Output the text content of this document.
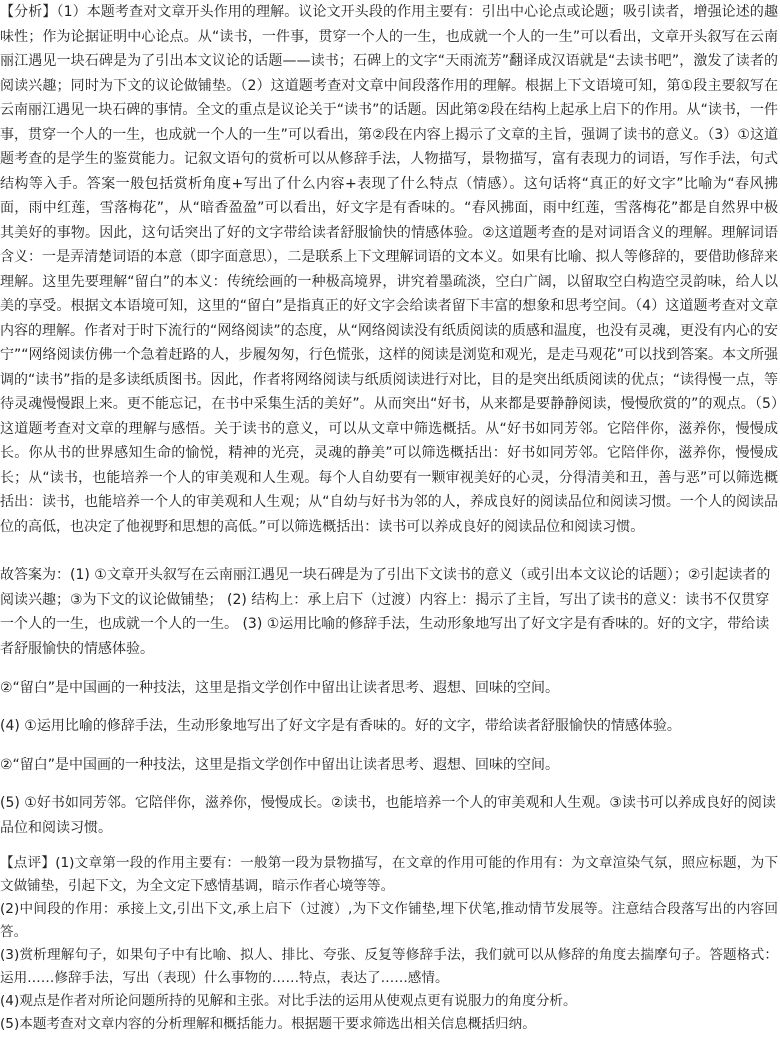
【分析】（1）本题考查对文章开头作用的理解。议论文开头段的作用主要有：引出中心论点或论题；吸引读者，增强论述的趣味性；作为论据证明中心论点。从“读书，一件事，贯穿一个人的一生，也成就一个人的一生”可以看出，文章开头叙写在云南丽江遇见一块石碑是为了引出本文议论的话题——读书；石碑上的文字“天雨流芳”翻译成汉语就是“去读书吧”，激发了读者的阅读兴趣；同时为下文的议论做铺垫。（2）这道题考查对文章中间段落作用的理解。根据上下文语境可知，第①段主要叙写在云南丽江遇见一块石碑的事情。全文的重点是议论关于“读书”的话题。因此第②段在结构上起承上启下的作用。从“读书，一件事，贯穿一个人的一生，也成就一个人的一生”可以看出，第②段在内容上揭示了文章的主旨，强调了读书的意义。（3）①这道题考查的是学生的鉴赏能力。记叙文语句的赏析可以从修辞手法，人物描写，景物描写，富有表现力的词语，写作手法，句式结构等入手。答案一般包括赏析角度+写出了什么内容+表现了什么特点（情感）。这句话将“真正的好文字”比喻为“春风拂面，雨中红莲，雪落梅花”，从“暗香盈盈”可以看出，好文字是有香味的。“春风拂面，雨中红莲，雪落梅花”都是自然界中极其美好的事物。因此，这句话突出了好的文字带给读者舒服愉快的情感体验。②这道题考查的是对词语含义的理解。理解词语含义：一是弄清楚词语的本意（即字面意思），二是联系上下文理解词语的文本义。如果有比喻、拟人等修辞的，要借助修辞来理解。这里先要理解“留白”的本义：传统绘画的一种极高境界，讲究着墨疏淡，空白广阔，以留取空白构造空灵韵味，给人以美的享受。根据文本语境可知，这里的“留白”是指真正的好文字会给读者留下丰富的想象和思考空间。（4）这道题考查对文章内容的理解。作者对于时下流行的“网络阅读”的态度，从“网络阅读没有纸质阅读的质感和温度，也没有灵魂，更没有内心的安宁”“网络阅读仿佛一个急着赶路的人，步履匆匆，行色慌张，这样的阅读是浏览和观光，是走马观花”可以找到答案。本文所强调的“读书”指的是多读纸质图书。因此，作者将网络阅读与纸质阅读进行对比，目的是突出纸质阅读的优点；“读得慢一点，等待灵魂慢慢跟上来。更不能忘记，在书中采集生活的美好”。从而突出“好书，从来都是要静静阅读，慢慢欣赏的”的观点。（5）这道题考查对文章的理解与感悟。关于读书的意义，可以从文章中筛选概括。从“好书如同芳邻。它陪伴你，滋养你，慢慢成长。你从书的世界感知生命的愉悦，精神的光亮，灵魂的静美”可以筛选概括出：好书如同芳邻。它陪伴你，滋养你，慢慢成长；从“读书，也能培养一个人的审美观和人生观。每个人自幼要有一颗审视美好的心灵，分得清美和丑，善与恶”可以筛选概括出：读书，也能培养一个人的审美观和人生观；从“自幼与好书为邻的人，养成良好的阅读品位和阅读习惯。一个人的阅读品位的高低，也决定了他视野和思想的高低。”可以筛选概括出：读书可以养成良好的阅读品位和阅读习惯。

故答案为：(1) ①文章开头叙写在云南丽江遇见一块石碑是为了引出下文读书的意义（或引出本文议论的话题）；②引起读者的阅读兴趣；③为下文的议论做铺垫； (2) 结构上：承上启下（过渡）内容上：揭示了主旨，写出了读书的意义：读书不仅贯穿一个人的一生，也成就一个人的一生。 (3) ①运用比喻的修辞手法，生动形象地写出了好文字是有香味的。好的文字，带给读者舒服愉快的情感体验。

②“留白”是中国画的一种技法，这里是指文学创作中留出让读者思考、遐想、回味的空间。

(4) ①运用比喻的修辞手法，生动形象地写出了好文字是有香味的。好的文字，带给读者舒服愉快的情感体验。

②“留白”是中国画的一种技法，这里是指文学创作中留出让读者思考、遐想、回味的空间。

(5) ①好书如同芳邻。它陪伴你，滋养你，慢慢成长。②读书，也能培养一个人的审美观和人生观。③读书可以养成良好的阅读品位和阅读习惯。

【点评】(1)文章第一段的作用主要有：一般第一段为景物描写，在文章的作用可能的作用有：为文章渲染气氛，照应标题，为下文做铺垫，引起下文，为全文定下感情基调，暗示作者心境等等。

(2)中间段的作用：承接上文,引出下文,承上启下（过渡）,为下文作铺垫,埋下伏笔,推动情节发展等。注意结合段落写出的内容回答。

(3)赏析理解句子，如果句子中有比喻、拟人、排比、夸张、反复等修辞手法，我们就可以从修辞的角度去揣摩句子。答题格式：运用……修辞手法，写出（表现）什么事物的……特点，表达了……感情。

(4)观点是作者对所论问题所持的见解和主张。对比手法的运用从使观点更有说服力的角度分析。

(5)本题考查对文章内容的分析理解和概括能力。根据题干要求筛选出相关信息概括归纳。
